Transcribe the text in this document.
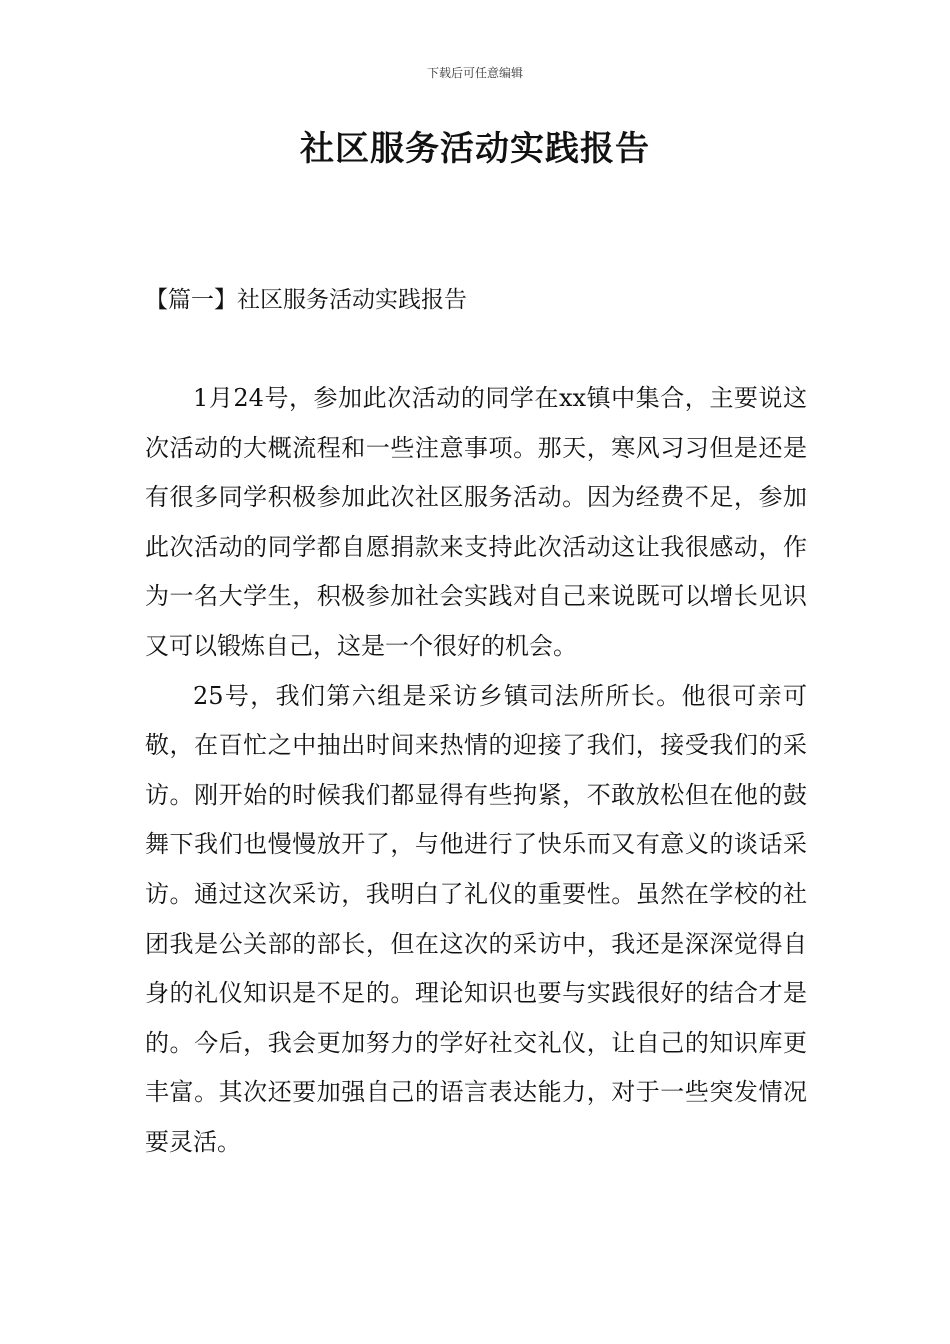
下载后可任意编辑
社区服务活动实践报告
【篇一】社区服务活动实践报告

1月24号，参加此次活动的同学在xx镇中集合，主要说这次活动的大概流程和一些注意事项。那天，寒风习习但是还是有很多同学积极参加此次社区服务活动。因为经费不足，参加此次活动的同学都自愿捐款来支持此次活动这让我很感动，作为一名大学生，积极参加社会实践对自己来说既可以增长见识又可以锻炼自己，这是一个很好的机会。

25号，我们第六组是采访乡镇司法所所长。他很可亲可敬，在百忙之中抽出时间来热情的迎接了我们，接受我们的采访。刚开始的时候我们都显得有些拘紧，不敢放松但在他的鼓舞下我们也慢慢放开了，与他进行了快乐而又有意义的谈话采访。通过这次采访，我明白了礼仪的重要性。虽然在学校的社团我是公关部的部长，但在这次的采访中，我还是深深觉得自身的礼仪知识是不足的。理论知识也要与实践很好的结合才是的。今后，我会更加努力的学好社交礼仪，让自己的知识库更丰富。其次还要加强自己的语言表达能力，对于一些突发情况要灵活。
